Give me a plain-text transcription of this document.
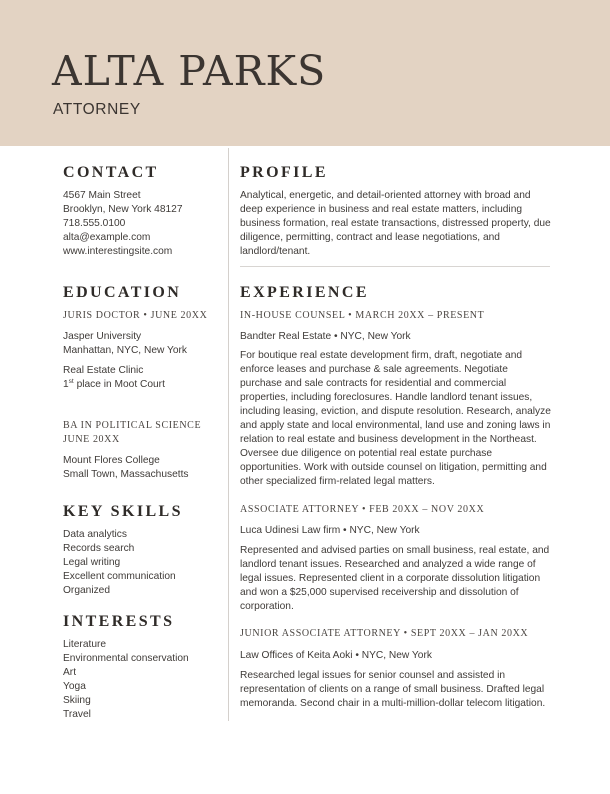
ALTA PARKS
ATTORNEY
CONTACT
4567 Main Street
Brooklyn, New York 48127
718.555.0100
alta@example.com
www.interestingsite.com
EDUCATION
JURIS DOCTOR • JUNE 20XX
Jasper University
Manhattan, NYC, New York
Real Estate Clinic
1st place in Moot Court
BA IN POLITICAL SCIENCE
JUNE 20XX
Mount Flores College
Small Town, Massachusetts
KEY SKILLS
Data analytics
Records search
Legal writing
Excellent communication
Organized
INTERESTS
Literature
Environmental conservation
Art
Yoga
Skiing
Travel
PROFILE
Analytical, energetic, and detail-oriented attorney with broad and deep experience in business and real estate matters, including business formation, real estate transactions, distressed property, due diligence, permitting, contract and lease negotiations, and landlord/tenant.
EXPERIENCE
IN-HOUSE COUNSEL • MARCH 20XX – PRESENT
Bandter Real Estate • NYC, New York
For boutique real estate development firm, draft, negotiate and enforce leases and purchase & sale agreements. Negotiate purchase and sale contracts for residential and commercial properties, including foreclosures. Handle landlord tenant issues, including leasing, eviction, and dispute resolution. Research, analyze and apply state and local environmental, land use and zoning laws in relation to real estate and business development in the Northeast. Oversee due diligence on potential real estate purchase opportunities. Work with outside counsel on litigation, permitting and other specialized firm-related legal matters.
ASSOCIATE ATTORNEY • FEB 20XX – NOV 20XX
Luca Udinesi Law firm • NYC, New York
Represented and advised parties on small business, real estate, and landlord tenant issues. Researched and analyzed a wide range of legal issues. Represented client in a corporate dissolution litigation and won a $25,000 supervised receivership and dissolution of corporation.
JUNIOR ASSOCIATE ATTORNEY • SEPT 20XX – JAN 20XX
Law Offices of Keita Aoki • NYC, New York
Researched legal issues for senior counsel and assisted in representation of clients on a range of small business. Drafted legal memoranda. Second chair in a multi-million-dollar telecom litigation.
